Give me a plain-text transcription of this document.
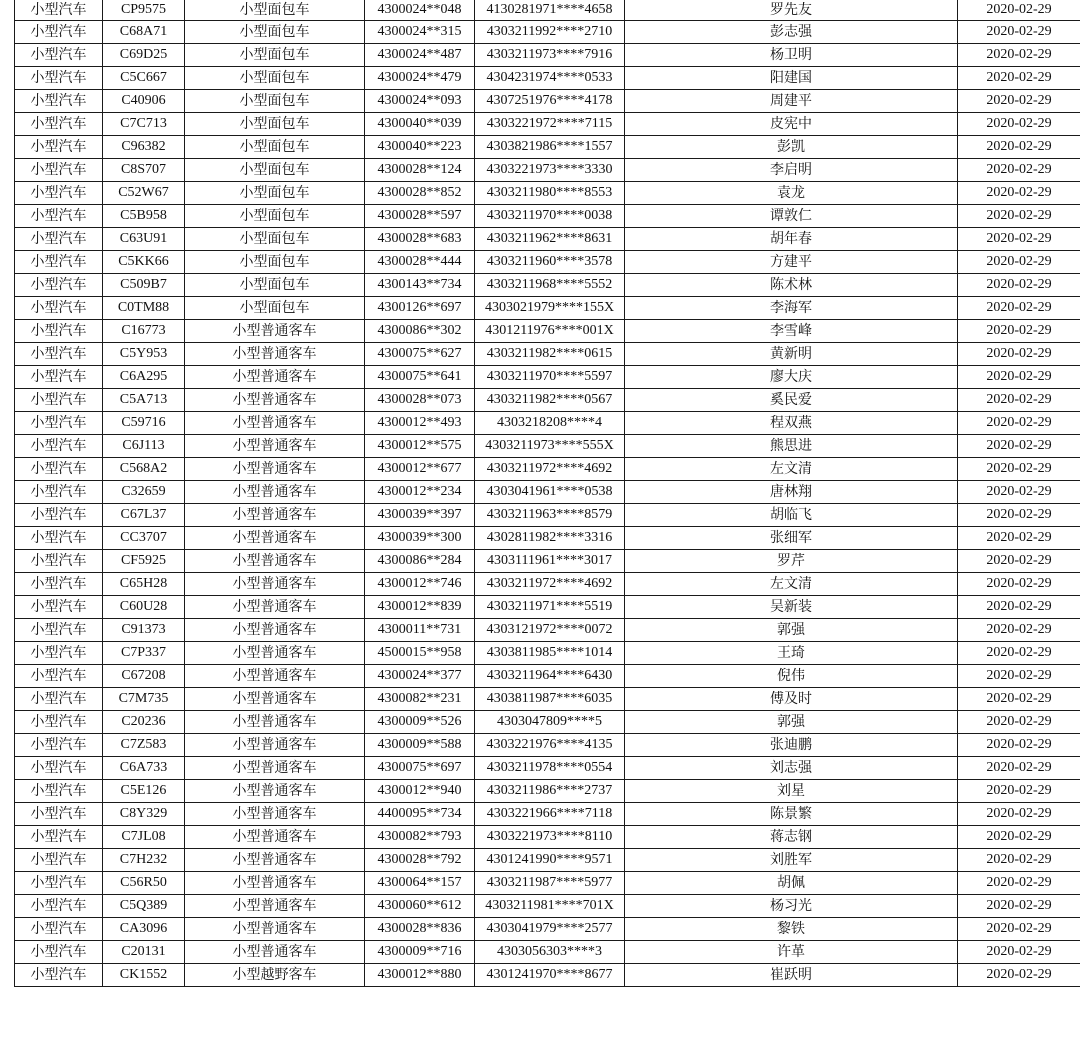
小型汽车	CP9575	小型面包车	4300024**048	4130281971****4658	罗先友	2020-02-29
小型汽车	C68A71	小型面包车	4300024**315	4303211992****2710	彭志强	2020-02-29
小型汽车	C69D25	小型面包车	4300024**487	4303211973****7916	杨卫明	2020-02-29
小型汽车	C5C667	小型面包车	4300024**479	4304231974****0533	阳建国	2020-02-29
小型汽车	C40906	小型面包车	4300024**093	4307251976****4178	周建平	2020-02-29
小型汽车	C7C713	小型面包车	4300040**039	4303221972****7115	皮宪中	2020-02-29
小型汽车	C96382	小型面包车	4300040**223	4303821986****1557	彭凯	2020-02-29
小型汽车	C8S707	小型面包车	4300028**124	4303221973****3330	李启明	2020-02-29
小型汽车	C52W67	小型面包车	4300028**852	4303211980****8553	袁龙	2020-02-29
小型汽车	C5B958	小型面包车	4300028**597	4303211970****0038	谭敦仁	2020-02-29
小型汽车	C63U91	小型面包车	4300028**683	4303211962****8631	胡年春	2020-02-29
小型汽车	C5KK66	小型面包车	4300028**444	4303211960****3578	方建平	2020-02-29
小型汽车	C509B7	小型面包车	4300143**734	4303211968****5552	陈术林	2020-02-29
小型汽车	C0TM88	小型面包车	4300126**697	4303021979****155X	李海军	2020-02-29
小型汽车	C16773	小型普通客车	4300086**302	4301211976****001X	李雪峰	2020-02-29
小型汽车	C5Y953	小型普通客车	4300075**627	4303211982****0615	黄新明	2020-02-29
小型汽车	C6A295	小型普通客车	4300075**641	4303211970****5597	廖大庆	2020-02-29
小型汽车	C5A713	小型普通客车	4300028**073	4303211982****0567	奚民爱	2020-02-29
小型汽车	C59716	小型普通客车	4300012**493	4303218208****4	程双燕	2020-02-29
小型汽车	C6J113	小型普通客车	4300012**575	4303211973****555X	熊思进	2020-02-29
小型汽车	C568A2	小型普通客车	4300012**677	4303211972****4692	左文清	2020-02-29
小型汽车	C32659	小型普通客车	4300012**234	4303041961****0538	唐林翔	2020-02-29
小型汽车	C67L37	小型普通客车	4300039**397	4303211963****8579	胡临飞	2020-02-29
小型汽车	CC3707	小型普通客车	4300039**300	4302811982****3316	张细军	2020-02-29
小型汽车	CF5925	小型普通客车	4300086**284	4303111961****3017	罗芹	2020-02-29
小型汽车	C65H28	小型普通客车	4300012**746	4303211972****4692	左文清	2020-02-29
小型汽车	C60U28	小型普通客车	4300012**839	4303211971****5519	吴新装	2020-02-29
小型汽车	C91373	小型普通客车	4300011**731	4303121972****0072	郭强	2020-02-29
小型汽车	C7P337	小型普通客车	4500015**958	4303811985****1014	王琦	2020-02-29
小型汽车	C67208	小型普通客车	4300024**377	4303211964****6430	倪伟	2020-02-29
小型汽车	C7M735	小型普通客车	4300082**231	4303811987****6035	傅及时	2020-02-29
小型汽车	C20236	小型普通客车	4300009**526	4303047809****5	郭强	2020-02-29
小型汽车	C7Z583	小型普通客车	4300009**588	4303221976****4135	张迪鹏	2020-02-29
小型汽车	C6A733	小型普通客车	4300075**697	4303211978****0554	刘志强	2020-02-29
小型汽车	C5E126	小型普通客车	4300012**940	4303211986****2737	刘星	2020-02-29
小型汽车	C8Y329	小型普通客车	4400095**734	4303221966****7118	陈景繁	2020-02-29
小型汽车	C7JL08	小型普通客车	4300082**793	4303221973****8110	蒋志钢	2020-02-29
小型汽车	C7H232	小型普通客车	4300028**792	4301241990****9571	刘胜军	2020-02-29
小型汽车	C56R50	小型普通客车	4300064**157	4303211987****5977	胡佩	2020-02-29
小型汽车	C5Q389	小型普通客车	4300060**612	4303211981****701X	杨习光	2020-02-29
小型汽车	CA3096	小型普通客车	4300028**836	4303041979****2577	黎铁	2020-02-29
小型汽车	C20131	小型普通客车	4300009**716	4303056303****3	许革	2020-02-29
小型汽车	CK1552	小型越野客车	4300012**880	4301241970****8677	崔跃明	2020-02-29
